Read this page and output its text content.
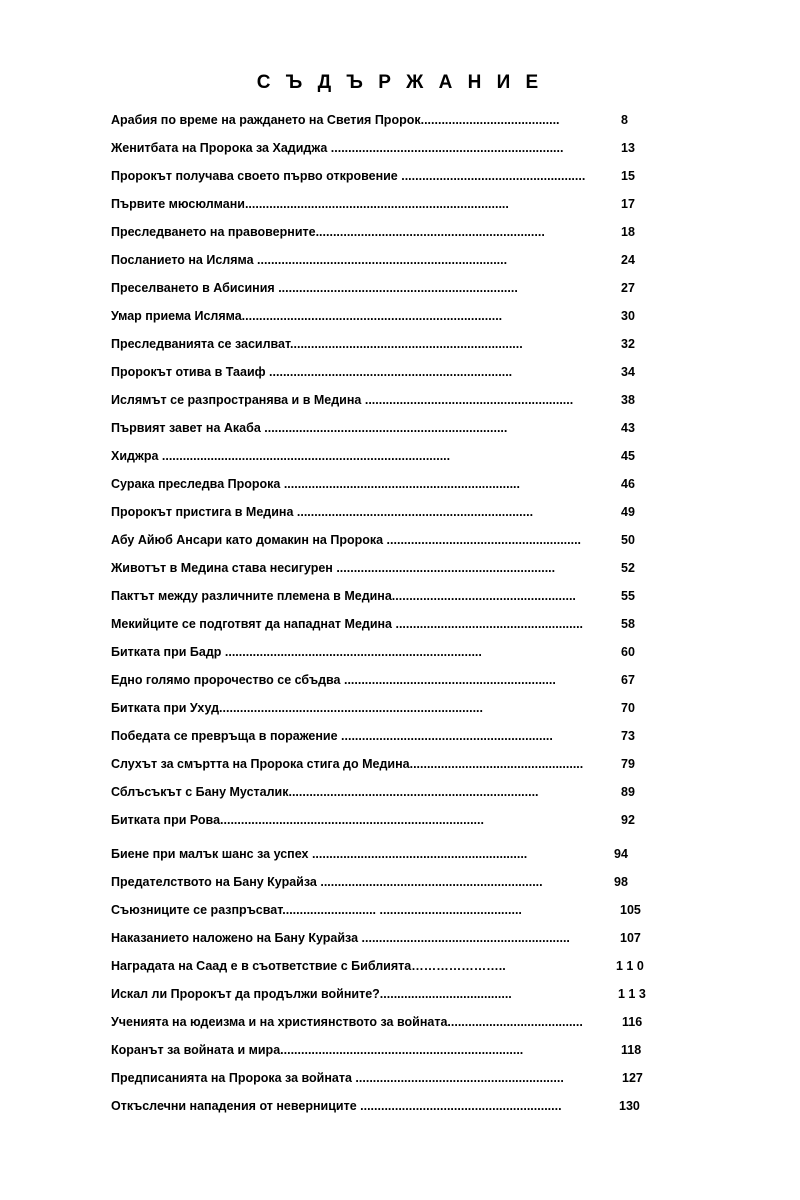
С Ъ Д Ъ Р Ж А Н И Е
Арабия по време на раждането на Светия Пророк........................................	8
Женитбата на Пророка за Хадиджа ...................................................................	13
Пророкът получава своето първо откровение .....................................................	15
Първите мюсюлмани............................................................................	17
Преследването на правоверните..................................................................	18
Посланието на Исляма ........................................................................	24
Преселването в Абисиния .....................................................................	27
Умар приема Исляма...........................................................................	30
Преследванията се засилват...................................................................	32
Пророкът отива в Тааиф ......................................................................	34
Ислямът се разпространява и в Медина ............................................................	38
Първият завет на Акаба ......................................................................	43
Хиджра ...................................................................................	45
Сурака преследва Пророка ....................................................................	46
Пророкът пристига в Медина ....................................................................	49
Абу Айюб Ансари като домакин на Пророка ........................................................	50
Животът в Медина става несигурен ...............................................................	52
Пактът между различните племена в Медина.....................................................	55
Мекийците се подготвят да нападнат Медина ......................................................	58
Битката при Бадр ..........................................................................	60
Едно голямо пророчество се сбъдва .............................................................	67
Битката при Ухуд............................................................................	70
Победата се превръща в поражение .............................................................	73
Слухът за смъртта на Пророка стига до Медина..................................................	79
Сблъсъкът с Бану Мусталик........................................................................	89
Битката при Рова............................................................................	92
Биене при малък шанс за успех ..............................................................	94
Предателството на Бану Курайза ................................................................	98
Съюзниците се разпръсват........................... .........................................	105
Наказанието наложено на Бану Курайза ............................................................	107
Наградата на Саад е в съответствие с Библията…………………..	1 1 0
Искал ли Пророкът да продължи войните?......................................	1 1 3
Ученията на юдеизма и на християнството за войната.......................................	116
Коранът за войната и мира......................................................................	118
Предписанията на Пророка за войната ............................................................	127
Откъслечни нападения от неверниците ..........................................................	130
